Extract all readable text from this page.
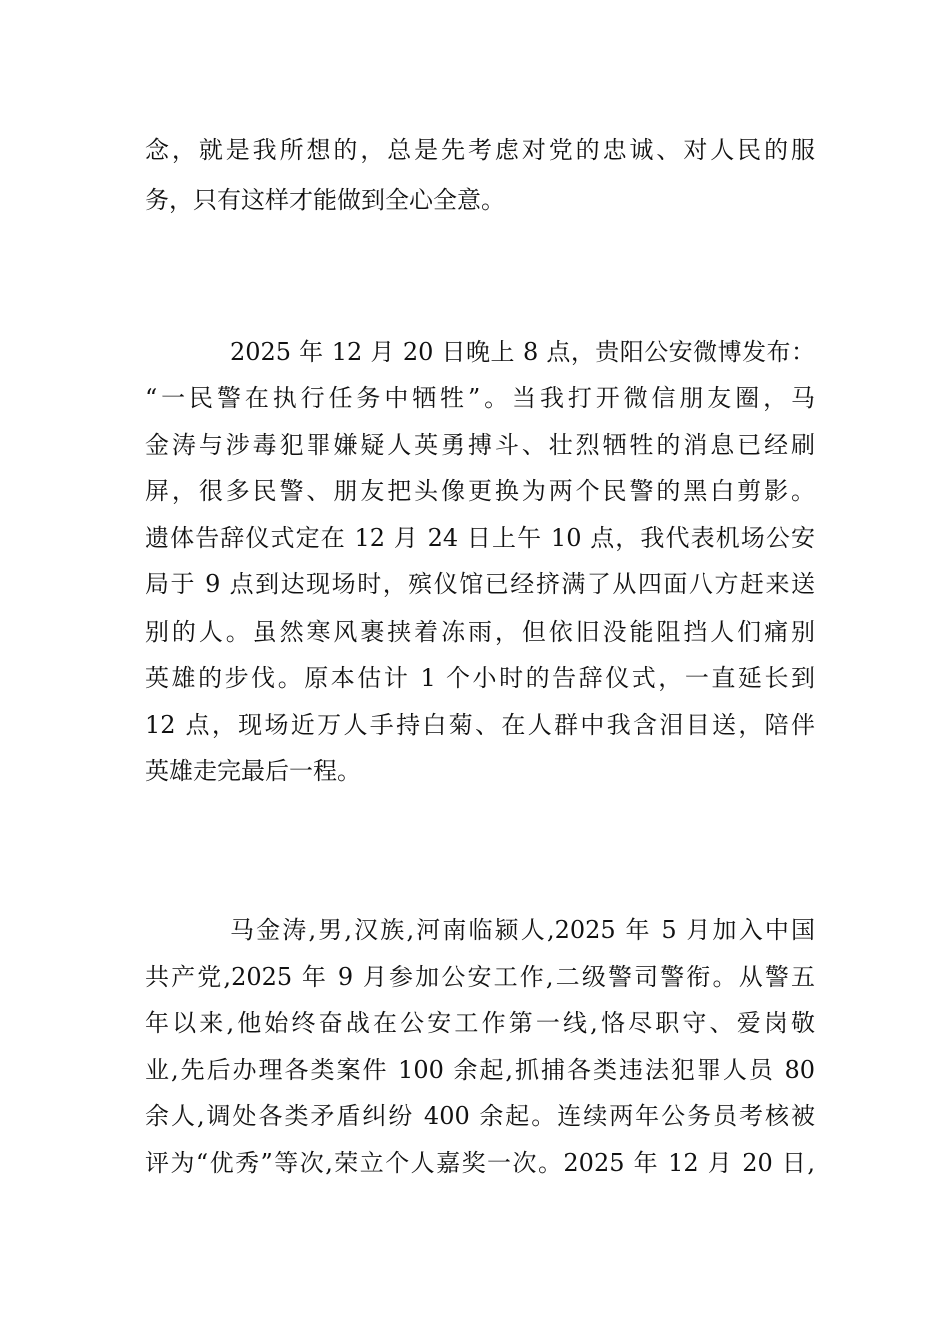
念，就是我所想的，总是先考虑对党的忠诚、对人民的服
务，只有这样才能做到全心全意。
2025 年 12 月 20 日晚上 8 点，贵阳公安微博发布：
“一民警在执行任务中牺牲”。当我打开微信朋友圈，马
金涛与涉毒犯罪嫌疑人英勇搏斗、壮烈牺牲的消息已经刷
屏，很多民警、朋友把头像更换为两个民警的黑白剪影。
遗体告辞仪式定在 12 月 24 日上午 10 点，我代表机场公安
局于 9 点到达现场时，殡仪馆已经挤满了从四面八方赶来送
别的人。虽然寒风裹挟着冻雨，但依旧没能阻挡人们痛别
英雄的步伐。原本估计 1 个小时的告辞仪式，一直延长到
12 点，现场近万人手持白菊、在人群中我含泪目送，陪伴
英雄走完最后一程。
马金涛,男,汉族,河南临颍人,2025 年 5 月加入中国
共产党,2025 年 9 月参加公安工作,二级警司警衔。从警五
年以来,他始终奋战在公安工作第一线,恪尽职守、爱岗敬
业,先后办理各类案件 100 余起,抓捕各类违法犯罪人员 80
余人,调处各类矛盾纠纷 400 余起。连续两年公务员考核被
评为“优秀”等次,荣立个人嘉奖一次。2025 年 12 月 20 日,
